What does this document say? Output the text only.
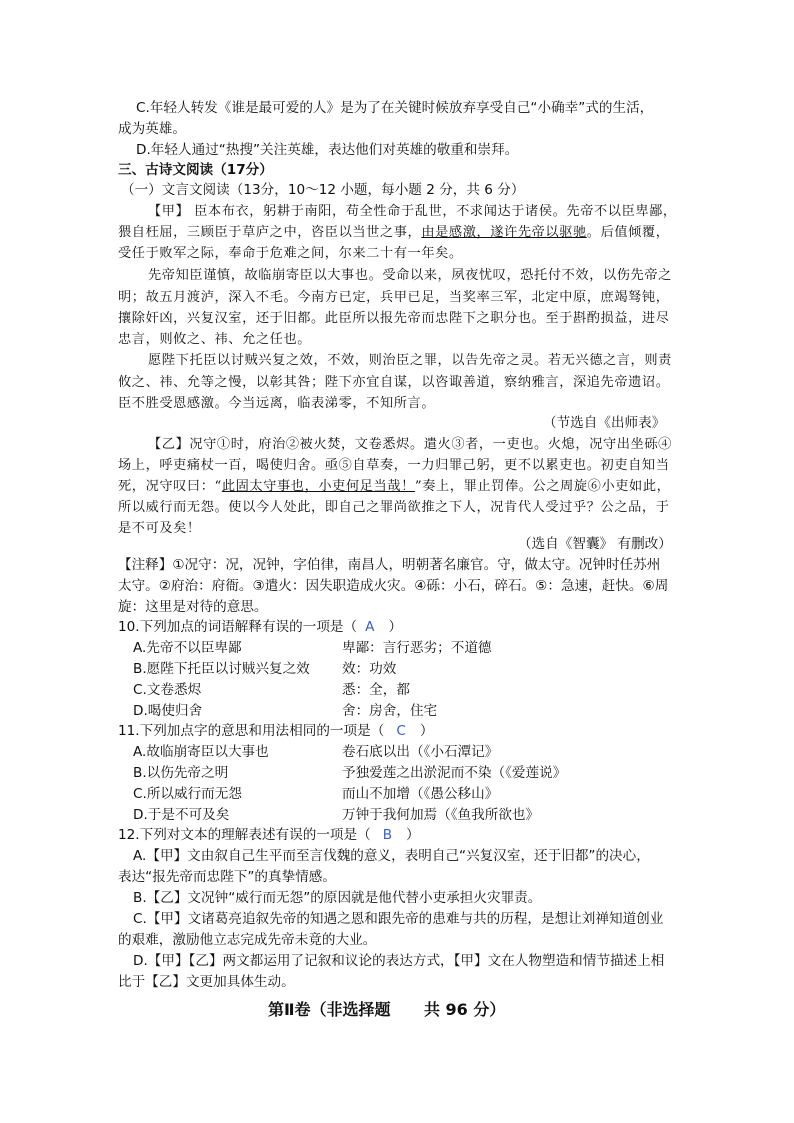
C.年轻人转发《谁是最可爱的人》是为了在关键时候放弃享受自己“小确幸”式的生活，
成为英雄。
D.年轻人通过“热搜”关注英雄，表达他们对英雄的敬重和崇拜。
三、古诗文阅读（17分）
（一）文言文阅读（13分，10～12 小题，每小题 2 分，共 6 分）
【甲】 臣本布衣，躬耕于南阳，苟全性命于乱世，不求闻达于诸侯。先帝不以臣卑鄙，
猥自枉屈，三顾臣于草庐之中，咨臣以当世之事，由是感激，遂许先帝以驱驰。后值倾覆，
受任于败军之际，奉命于危难之间，尔来二十有一年矣。
先帝知臣谨慎，故临崩寄臣以大事也。受命以来，夙夜忧叹，恐托付不效，以伤先帝之
明；故五月渡泸，深入不毛。今南方已定，兵甲已足，当奖率三军，北定中原，庶竭驽钝，
攘除奸凶，兴复汉室，还于旧都。此臣所以报先帝而忠陛下之职分也。至于斟酌损益，进尽
忠言，则攸之、祎、允之任也。
愿陛下托臣以讨贼兴复之效，不效，则治臣之罪，以告先帝之灵。若无兴德之言，则责
攸之、祎、允等之慢，以彰其咎；陛下亦宜自谋，以咨诹善道，察纳雅言，深追先帝遗诏。
臣不胜受恩感激。今当远离，临表涕零，不知所言。
（节选自《出师表》
【乙】况守①时，府治②被火焚，文卷悉烬。遣火③者，一吏也。火熄，况守出坐砾④
场上，呼吏痛杖一百，喝使归舍。亟⑤自草奏，一力归罪己躬，更不以累吏也。初吏自知当
死，况守叹曰：“此固太守事也，小吏何足当哉！”奏上，罪止罚俸。公之周旋⑥小吏如此，
所以威行而无怨。使以今人处此，即自己之罪尚欲推之下人，况肯代人受过乎？公之品，于
是不可及矣！
（选自《智囊》 有删改）
【注释】①况守：况，况钟，字伯律，南昌人，明朝著名廉官。守，做太守。况钟时任苏州
太守。②府治：府衙。③遣火：因失职造成火灾。④砾：小石，碎石。⑤：急速，赶快。⑥周
旋：这里是对待的意思。
10.下列加点的词语解释有误的一项是（ A ）
A.先帝不以臣卑鄙	卑鄙：言行恶劣；不道德
B.愿陛下托臣以讨贼兴复之效 效：功效
C.文卷悉烬	悉：全，都
D.喝使归舍	舍：房舍，住宅
11.下列加点字的意思和用法相同的一项是（ C ）
A.故临崩寄臣以大事也	卷石底以出（《小石潭记》
B.以伤先帝之明	予独爱莲之出淤泥而不染（《爱莲说》
C.所以威行而无怨	而山不加增（《愚公移山》
D.于是不可及矣	万钟于我何加焉（《鱼我所欲也》
12.下列对文本的理解表述有误的一项是（ B ）
A.【甲】文由叙自己生平而至言伐魏的意义，表明自己“兴复汉室，还于旧都”的决心，
表达“报先帝而忠陛下”的真挚情感。
B.【乙】文况钟“威行而无怨”的原因就是他代替小吏承担火灾罪责。
C.【甲】文诸葛亮追叙先帝的知遇之恩和跟先帝的患难与共的历程，是想让刘禅知道创业
的艰难，激励他立志完成先帝未竟的大业。
D.【甲】【乙】两文都运用了记叙和议论的表达方式，【甲】文在人物塑造和情节描述上相
比于【乙】文更加具体生动。
第Ⅱ卷（非选择题      共 96 分）
